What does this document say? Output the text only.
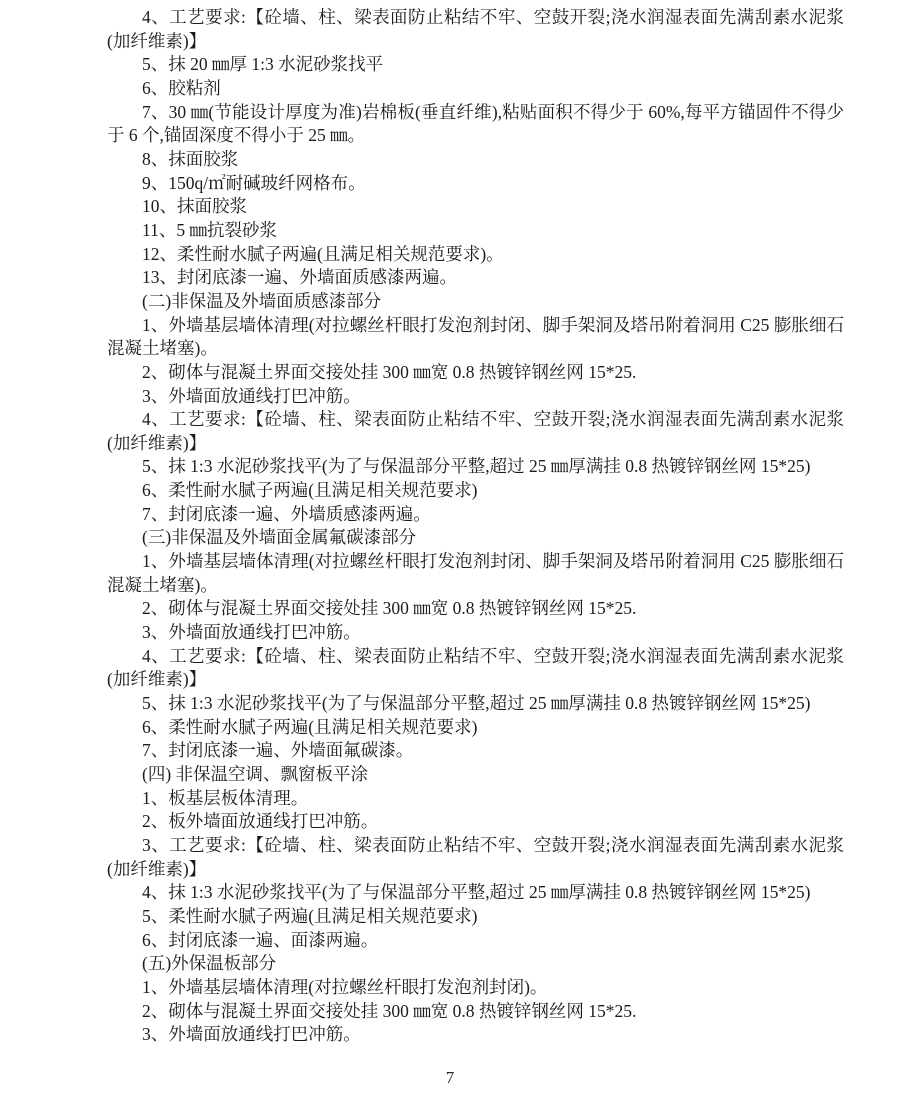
4、工艺要求:【砼墙、柱、梁表面防止粘结不牢、空鼓开裂;浇水润湿表面先满刮素水泥浆(加纤维素)】

5、抹 20 ㎜厚 1:3 水泥砂浆找平

6、胶粘剂

7、30 ㎜(节能设计厚度为准)岩棉板(垂直纤维),粘贴面积不得少于 60%,每平方锚固件不得少于 6 个,锚固深度不得小于 25 ㎜。

8、抹面胶浆

9、150q/㎡耐碱玻纤网格布。

10、抹面胶浆

11、5 ㎜抗裂砂浆

12、柔性耐水腻子两遍(且满足相关规范要求)。

13、封闭底漆一遍、外墙面质感漆两遍。

(二)非保温及外墙面质感漆部分

1、外墙基层墙体清理(对拉螺丝杆眼打发泡剂封闭、脚手架洞及塔吊附着洞用 C25 膨胀细石混凝土堵塞)。

2、砌体与混凝土界面交接处挂 300 ㎜宽 0.8 热镀锌钢丝网 15*25.

3、外墙面放通线打巴冲筋。

4、工艺要求:【砼墙、柱、梁表面防止粘结不牢、空鼓开裂;浇水润湿表面先满刮素水泥浆(加纤维素)】

5、抹 1:3 水泥砂浆找平(为了与保温部分平整,超过 25 ㎜厚满挂 0.8 热镀锌钢丝网 15*25)

6、柔性耐水腻子两遍(且满足相关规范要求)

7、封闭底漆一遍、外墙质感漆两遍。

(三)非保温及外墙面金属氟碳漆部分

1、外墙基层墙体清理(对拉螺丝杆眼打发泡剂封闭、脚手架洞及塔吊附着洞用 C25 膨胀细石混凝土堵塞)。

2、砌体与混凝土界面交接处挂 300 ㎜宽 0.8 热镀锌钢丝网 15*25.

3、外墙面放通线打巴冲筋。

4、工艺要求:【砼墙、柱、梁表面防止粘结不牢、空鼓开裂;浇水润湿表面先满刮素水泥浆(加纤维素)】

5、抹 1:3 水泥砂浆找平(为了与保温部分平整,超过 25 ㎜厚满挂 0.8 热镀锌钢丝网 15*25)

6、柔性耐水腻子两遍(且满足相关规范要求)

7、封闭底漆一遍、外墙面氟碳漆。

(四) 非保温空调、飘窗板平涂

1、板基层板体清理。

2、板外墙面放通线打巴冲筋。

3、工艺要求:【砼墙、柱、梁表面防止粘结不牢、空鼓开裂;浇水润湿表面先满刮素水泥浆(加纤维素)】

4、抹 1:3 水泥砂浆找平(为了与保温部分平整,超过 25 ㎜厚满挂 0.8 热镀锌钢丝网 15*25)

5、柔性耐水腻子两遍(且满足相关规范要求)

6、封闭底漆一遍、面漆两遍。

(五)外保温板部分

1、外墙基层墙体清理(对拉螺丝杆眼打发泡剂封闭)。

2、砌体与混凝土界面交接处挂 300 ㎜宽 0.8 热镀锌钢丝网 15*25.

3、外墙面放通线打巴冲筋。

7
